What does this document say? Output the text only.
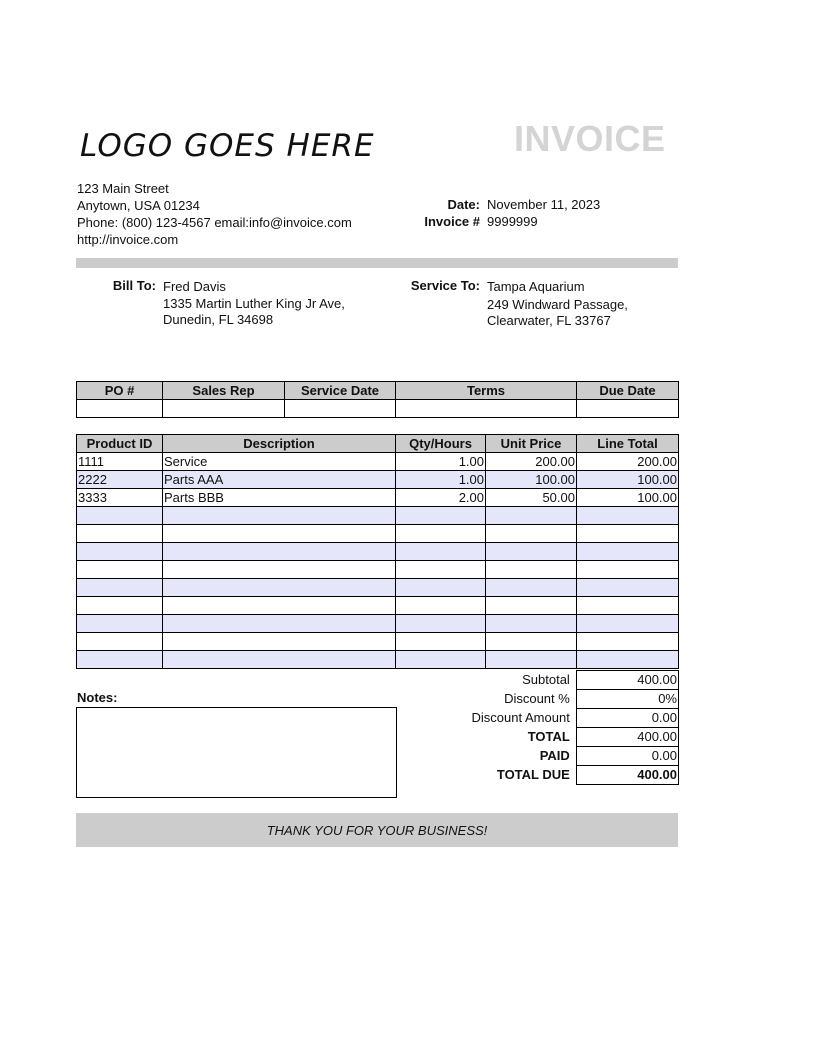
LOGO GOES HERE	INVOICE
123 Main Street
Anytown, USA 01234
Phone: (800) 123-4567 email:info@invoice.com
http://invoice.com
Date: November 11, 2023
Invoice # 9999999
Bill To: Fred Davis
1335 Martin Luther King Jr Ave,
Dunedin, FL 34698
Service To: Tampa Aquarium
249 Windward Passage,
Clearwater, FL 33767
PO #	Sales Rep	Service Date	Terms	Due Date

Product ID	Description	Qty/Hours	Unit Price	Line Total
1111	Service	1.00	200.00	200.00
2222	Parts AAA	1.00	100.00	100.00
3333	Parts BBB	2.00	50.00	100.00

Subtotal	400.00
Discount %	0%
Discount Amount	0.00
TOTAL	400.00
PAID	0.00
TOTAL DUE	400.00
Notes:
THANK YOU FOR YOUR BUSINESS!
